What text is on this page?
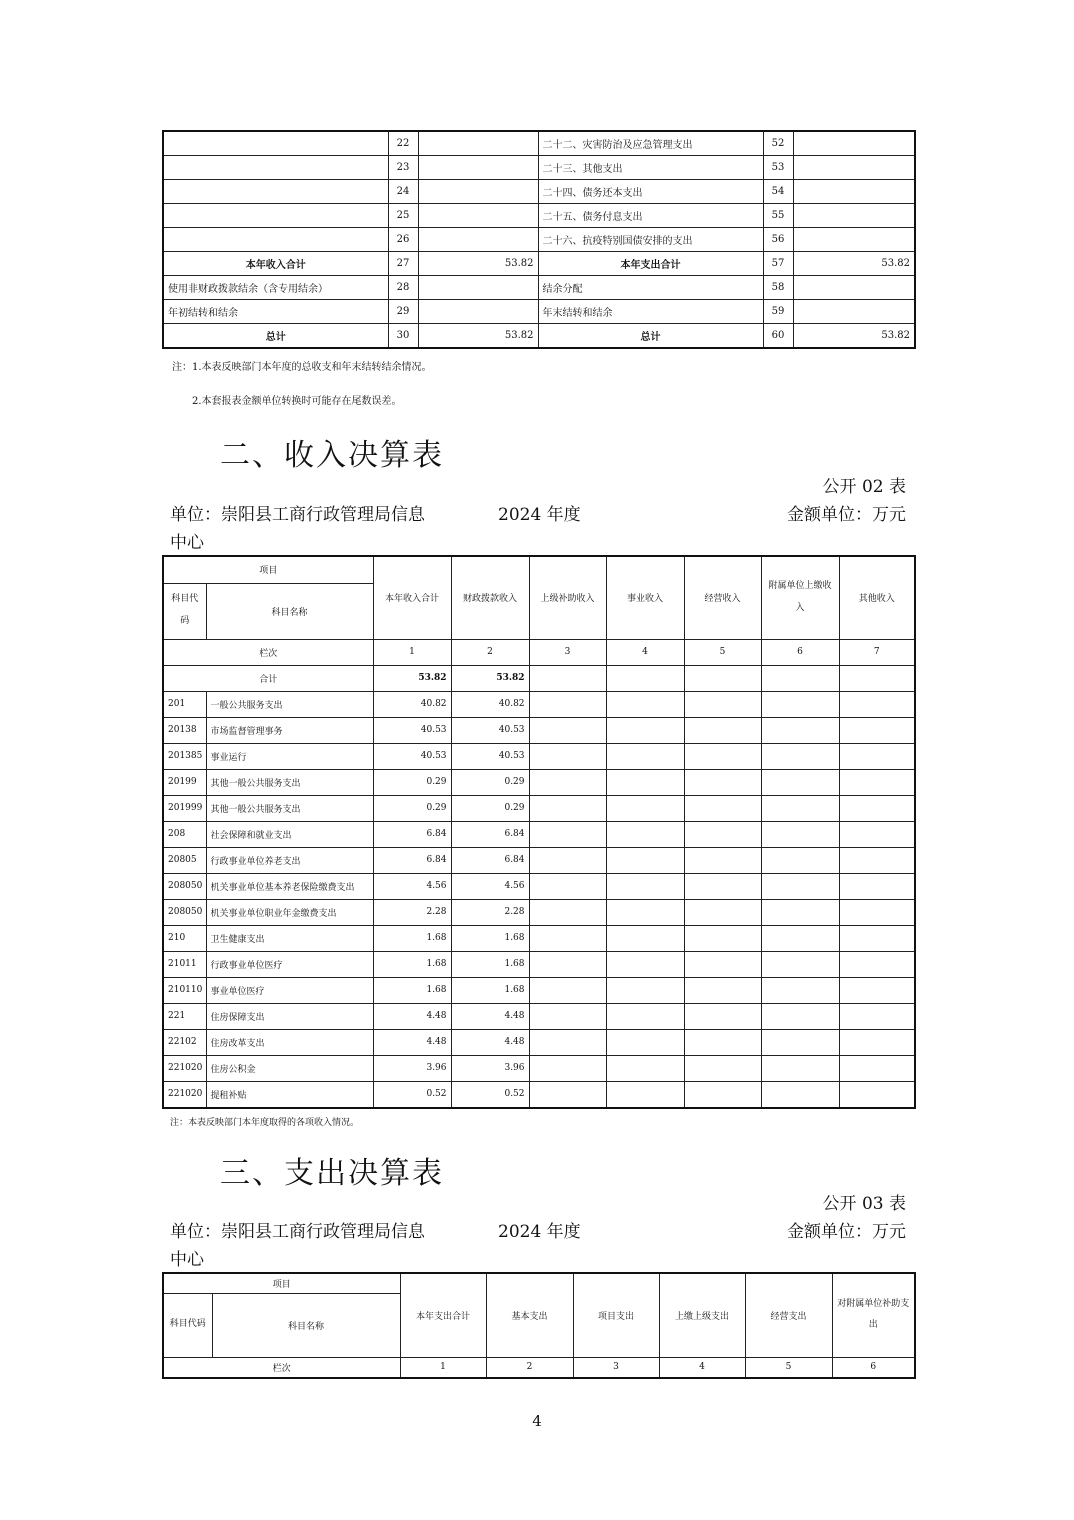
	22		二十二、灾害防治及应急管理支出	52	
	23		二十三、其他支出	53	
	24		二十四、债务还本支出	54	
	25		二十五、债务付息支出	55	
	26		二十六、抗疫特别国债安排的支出	56	
本年收入合计	27	53.82	本年支出合计	57	53.82
使用非财政拨款结余（含专用结余）	28		结余分配	58	
年初结转和结余	29		年末结转和结余	59	
总计	30	53.82	总计	60	53.82
注：1.本表反映部门本年度的总收支和年末结转结余情况。
2.本套报表金额单位转换时可能存在尾数误差。
二、收入决算表
公开 02 表
单位：崇阳县工商行政管理局信息	2024 年度	金额单位：万元
中心
项目		本年收入合计	财政拨款收入	上级补助收入	事业收入	经营收入	附属单位上缴收入	其他收入
科目代码	科目名称							
栏次		1	2	3	4	5	6	7
合计		53.82	53.82					
201	一般公共服务支出	40.82	40.82					
20138	市场监督管理事务	40.53	40.53					
201385	事业运行	40.53	40.53					
20199	其他一般公共服务支出	0.29	0.29					
201999	其他一般公共服务支出	0.29	0.29					
208	社会保障和就业支出	6.84	6.84					
20805	行政事业单位养老支出	6.84	6.84					
208050	机关事业单位基本养老保险缴费支出	4.56	4.56					
208050	机关事业单位职业年金缴费支出	2.28	2.28					
210	卫生健康支出	1.68	1.68					
21011	行政事业单位医疗	1.68	1.68					
210110	事业单位医疗	1.68	1.68					
221	住房保障支出	4.48	4.48					
22102	住房改革支出	4.48	4.48					
221020	住房公积金	3.96	3.96					
221020	提租补贴	0.52	0.52					
注：本表反映部门本年度取得的各项收入情况。
三、支出决算表
公开 03 表
单位：崇阳县工商行政管理局信息	2024 年度	金额单位：万元
中心
项目		本年支出合计	基本支出	项目支出	上缴上级支出	经营支出	对附属单位补助支出
科目代码	科目名称						
栏次		1	2	3	4	5	6
4
